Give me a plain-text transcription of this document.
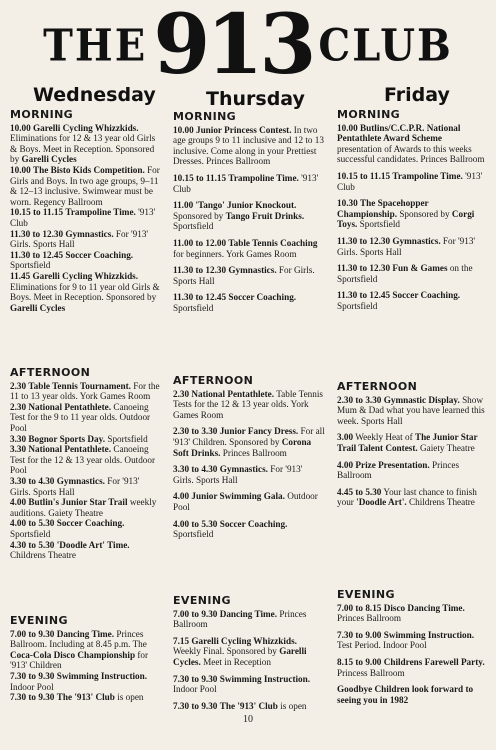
THE 913 CLUB
Wednesday	Thursday	Friday
MORNING
10.00 Garelli Cycling Whizzkids. Eliminations for 12 & 13 year old Girls & Boys. Meet in Reception. Sponsored by Garelli Cycles
10.00 The Bisto Kids Competition. For Girls and Boys. In two age groups, 9–11 & 12–13 inclusive. Swimwear must be worn. Regency Ballroom
10.15 to 11.15 Trampoline Time. '913' Club
11.30 to 12.30 Gymnastics. For '913' Girls. Sports Hall
11.30 to 12.45 Soccer Coaching. Sportsfield
11.45 Garelli Cycling Whizzkids. Eliminations for 9 to 11 year old Girls & Boys. Meet in Reception. Sponsored by Garelli Cycles
AFTERNOON
2.30 Table Tennis Tournament. For the 11 to 13 year olds. York Games Room
2.30 National Pentathlete. Canoeing Test for the 9 to 11 year olds. Outdoor Pool
3.30 Bognor Sports Day. Sportsfield
3.30 National Pentathlete. Canoeing Test for the 12 & 13 year olds. Outdoor Pool
3.30 to 4.30 Gymnastics. For '913' Girls. Sports Hall
4.00 Butlin's Junior Star Trail weekly auditions. Gaiety Theatre
4.00 to 5.30 Soccer Coaching. Sportsfield
4.30 to 5.30 'Doodle Art' Time. Childrens Theatre
EVENING
7.00 to 9.30 Dancing Time. Princes Ballroom. Including at 8.45 p.m. The Coca-Cola Disco Championship for '913' Children
7.30 to 9.30 Swimming Instruction. Indoor Pool
7.30 to 9.30 The '913' Club is open
MORNING
10.00 Junior Princess Contest. In two age groups 9 to 11 inclusive and 12 to 13 inclusive. Come along in your Prettiest Dresses. Princes Ballroom
10.15 to 11.15 Trampoline Time. '913' Club
11.00 'Tango' Junior Knockout. Sponsored by Tango Fruit Drinks. Sportsfield
11.00 to 12.00 Table Tennis Coaching for beginners. York Games Room
11.30 to 12.30 Gymnastics. For Girls. Sports Hall
11.30 to 12.45 Soccer Coaching. Sportsfield
AFTERNOON
2.30 National Pentathlete. Table Tennis Tests for the 12 & 13 year olds. York Games Room
2.30 to 3.30 Junior Fancy Dress. For all '913' Children. Sponsored by Corona Soft Drinks. Princes Ballroom
3.30 to 4.30 Gymnastics. For '913' Girls. Sports Hall
4.00 Junior Swimming Gala. Outdoor Pool
4.00 to 5.30 Soccer Coaching. Sportsfield
EVENING
7.00 to 9.30 Dancing Time. Princes Ballroom
7.15 Garelli Cycling Whizzkids. Weekly Final. Sponsored by Garelli Cycles. Meet in Reception
7.30 to 9.30 Swimming Instruction. Indoor Pool
7.30 to 9.30 The '913' Club is open
MORNING
10.00 Butlins/C.C.P.R. National Pentathlete Award Scheme presentation of Awards to this weeks successful candidates. Princes Ballroom
10.15 to 11.15 Trampoline Time. '913' Club
10.30 The Spacehopper Championship. Sponsored by Corgi Toys. Sportsfield
11.30 to 12.30 Gymnastics. For '913' Girls. Sports Hall
11.30 to 12.30 Fun & Games on the Sportsfield
11.30 to 12.45 Soccer Coaching. Sportsfield
AFTERNOON
2.30 to 3.30 Gymnastic Display. Show Mum & Dad what you have learned this week. Sports Hall
3.00 Weekly Heat of The Junior Star Trail Talent Contest. Gaiety Theatre
4.00 Prize Presentation. Princes Ballroom
4.45 to 5.30 Your last chance to finish your 'Doodle Art'. Childrens Theatre
EVENING
7.00 to 8.15 Disco Dancing Time. Princes Ballroom
7.30 to 9.00 Swimming Instruction. Test Period. Indoor Pool
8.15 to 9.00 Childrens Farewell Party. Princess Ballroom
Goodbye Children look forward to seeing you in 1982
10
